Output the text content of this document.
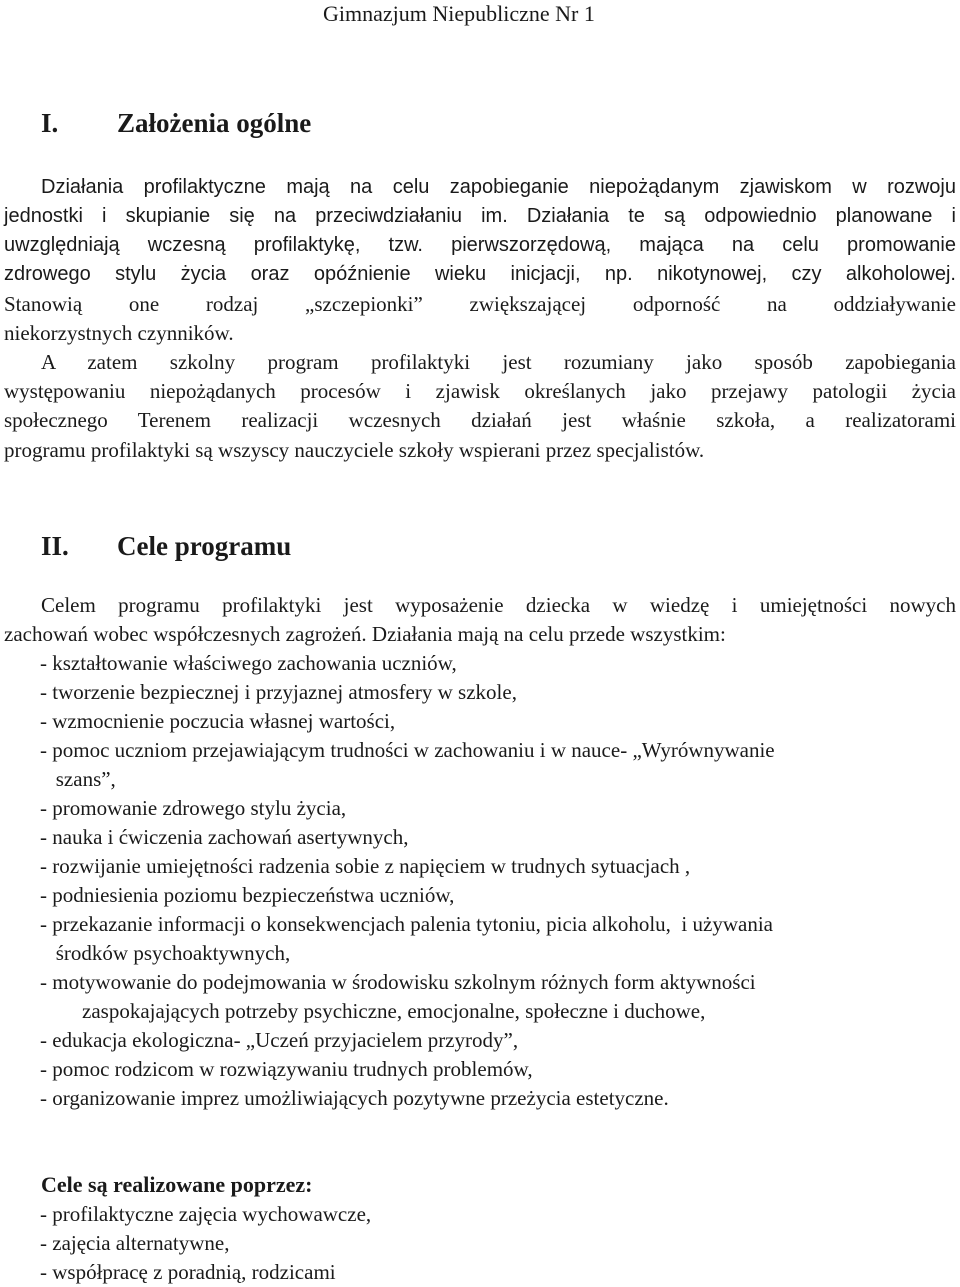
Gimnazjum Niepubliczne Nr 1
I. Założenia ogólne
Działania profilaktyczne mają na celu zapobieganie niepożądanym zjawiskom w rozwoju
jednostki i skupianie się na przeciwdziałaniu im. Działania te są odpowiednio planowane i
uwzględniają wczesną profilaktykę, tzw. pierwszorzędową, mająca na celu promowanie
zdrowego stylu życia oraz opóźnienie wieku inicjacji, np. nikotynowej, czy alkoholowej.
Stanowią one rodzaj „szczepionki” zwiększającej odporność na oddziaływanie
niekorzystnych czynników.
A zatem szkolny program profilaktyki jest rozumiany jako sposób zapobiegania
występowaniu niepożądanych procesów i zjawisk określanych jako przejawy patologii życia
społecznego Terenem realizacji wczesnych działań jest właśnie szkoła, a realizatorami
programu profilaktyki są wszyscy nauczyciele szkoły wspierani przez specjalistów.
II. Cele programu
Celem programu profilaktyki jest wyposażenie dziecka w wiedzę i umiejętności nowych
zachowań wobec współczesnych zagrożeń. Działania mają na celu przede wszystkim:
- kształtowanie właściwego zachowania uczniów,
- tworzenie bezpiecznej i przyjaznej atmosfery w szkole,
- wzmocnienie poczucia własnej wartości,
- pomoc uczniom przejawiającym trudności w zachowaniu i w nauce- „Wyrównywanie
szans”,
- promowanie zdrowego stylu życia,
- nauka i ćwiczenia zachowań asertywnych,
- rozwijanie umiejętności radzenia sobie z napięciem w trudnych sytuacjach ,
- podniesienia poziomu bezpieczeństwa uczniów,
- przekazanie informacji o konsekwencjach palenia tytoniu, picia alkoholu,  i używania
środków psychoaktywnych,
- motywowanie do podejmowania w środowisku szkolnym różnych form aktywności
zaspokajających potrzeby psychiczne, emocjonalne, społeczne i duchowe,
- edukacja ekologiczna- „Uczeń przyjacielem przyrody”,
- pomoc rodzicom w rozwiązywaniu trudnych problemów,
- organizowanie imprez umożliwiających pozytywne przeżycia estetyczne.
Cele są realizowane poprzez:
- profilaktyczne zajęcia wychowawcze,
- zajęcia alternatywne,
- współpracę z poradnią, rodzicami
